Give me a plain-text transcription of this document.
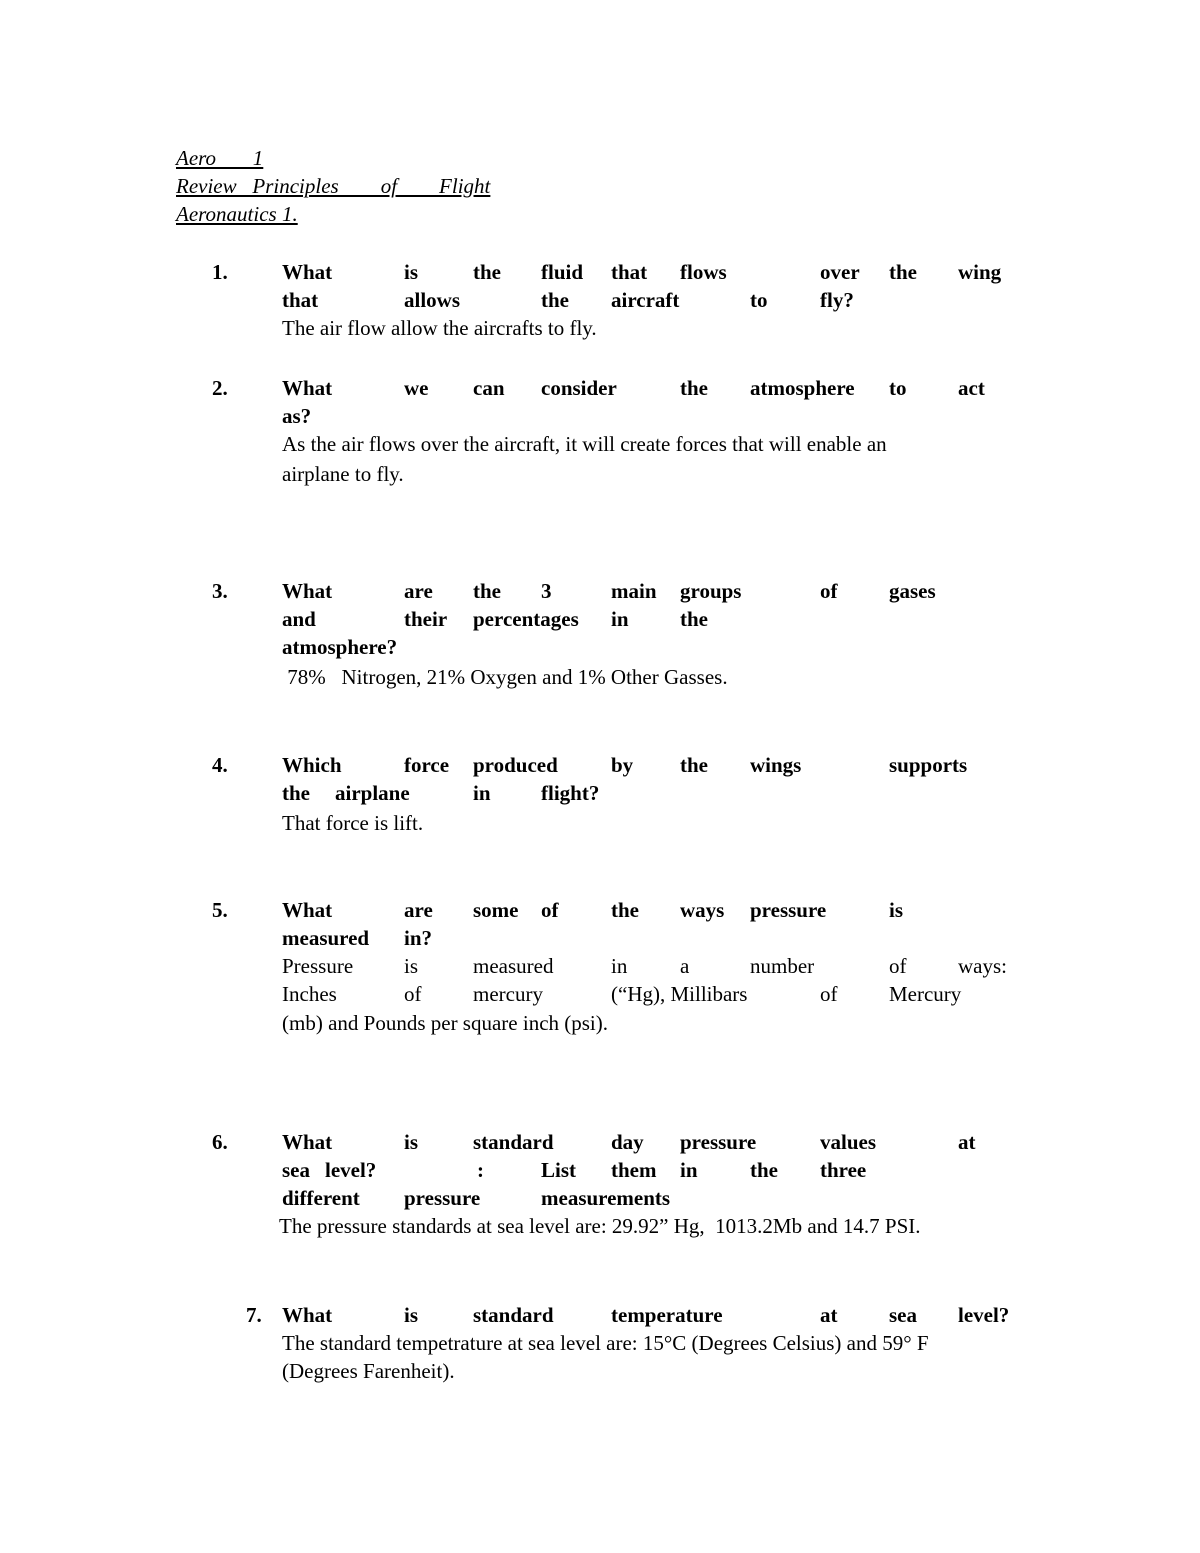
Aero       1
Review   Principles        of        Flight
Aeronautics 1.
1.	What	is	the fluid that flows	over the wing
that	allows	the aircraft	to	fly?
The air flow allow the aircrafts to fly.
2.	What	we can consider	the atmosphere to act
as?
As the air flows over the aircraft, it will create forces that will enable an
airplane to fly.
3.	What	are the 3	main groups	of gases
and	their percentages in the
atmosphere?
78%   Nitrogen, 21% Oxygen and 1% Other Gasses.
4.	Which	force produced	by the wings	supports
the airplane	in flight?
That force is lift.
5.	What	are some of	the ways pressure	is
measured in?
Pressure is	measured	in	a	number	of ways:
Inches	of mercury	(“Hg), Millibars	of Mercury
(mb) and Pounds per square inch (psi).
6.	What	is	standard	day pressure	values	at
sea level?	:	List them in the three
different pressure	measurements
The pressure standards at sea level are: 29.92” Hg,  1013.2Mb and 14.7 PSI.
7. What	is	standard	temperature	at sea level?
The standard tempetrature at sea level are: 15°C (Degrees Celsius) and 59° F
(Degrees Farenheit).
